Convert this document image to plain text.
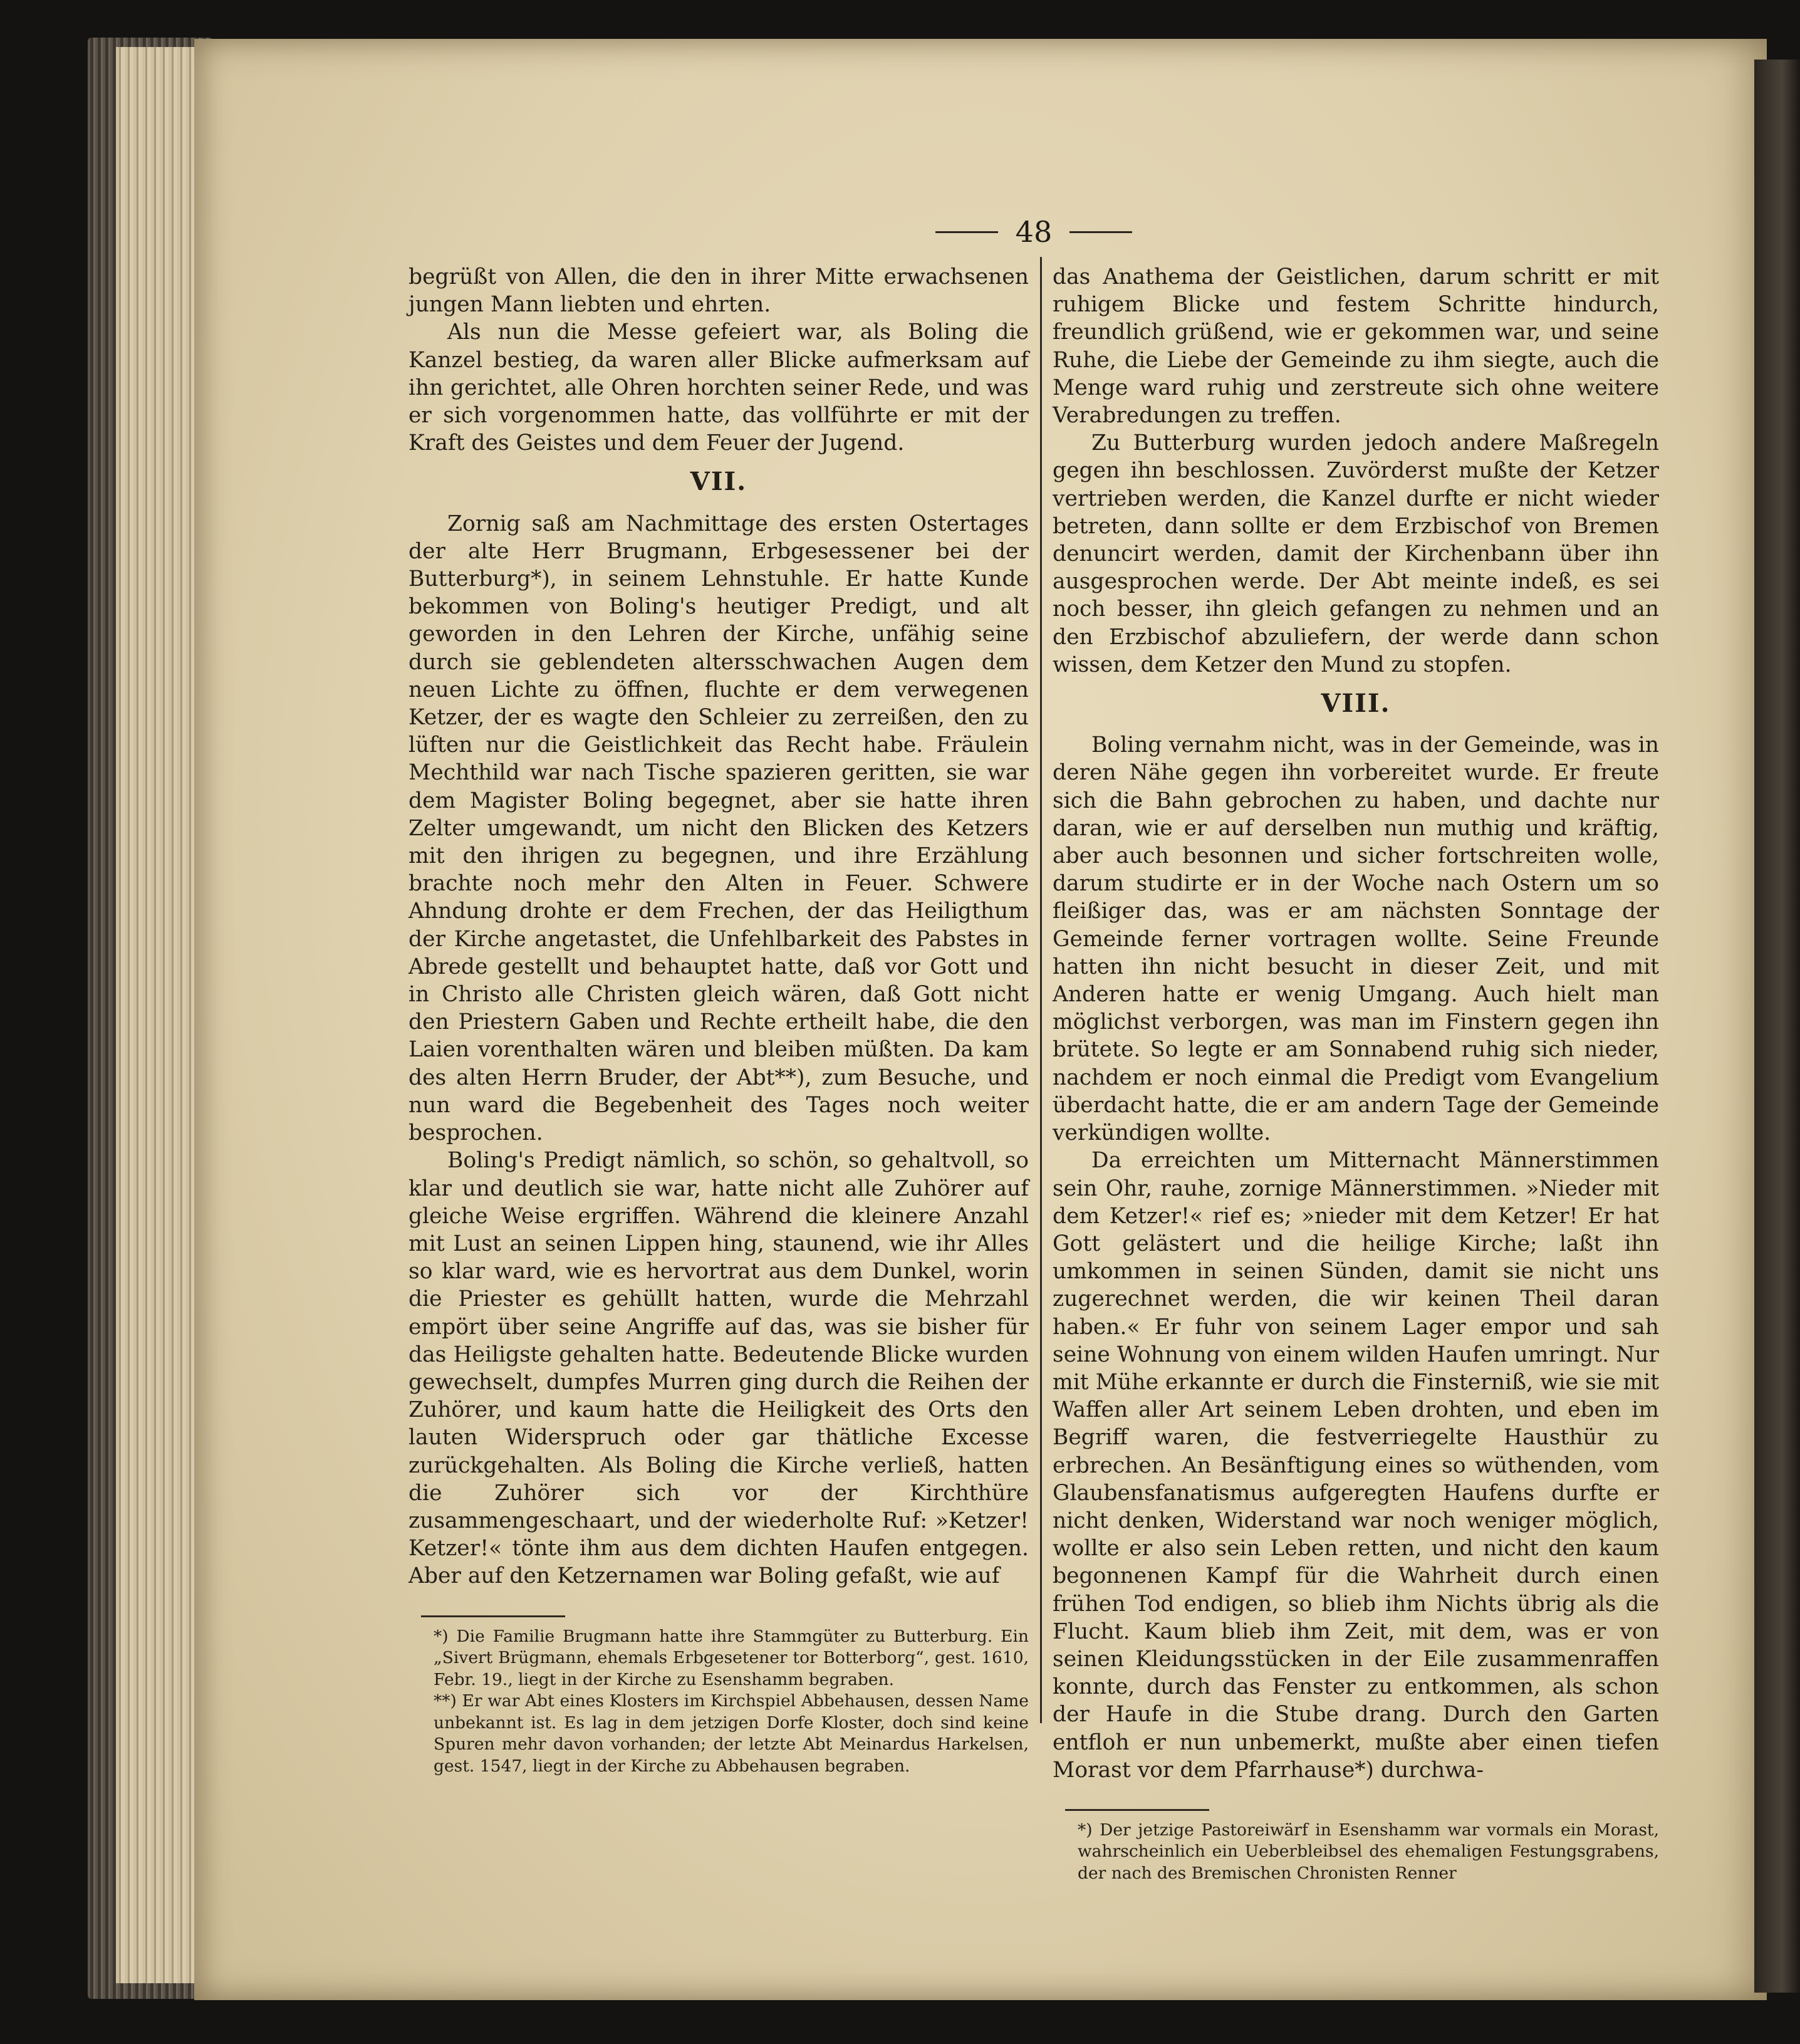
48

begrüßt von Allen, die den in ihrer Mitte erwachsenen jungen Mann liebten und ehrten.

Als nun die Messe gefeiert war, als Boling die Kanzel bestieg, da waren aller Blicke aufmerksam auf ihn gerichtet, alle Ohren horchten seiner Rede, und was er sich vorgenommen hatte, das vollführte er mit der Kraft des Geistes und dem Feuer der Jugend.

VII.

Zornig saß am Nachmittage des ersten Ostertages der alte Herr Brugmann, Erbgesessener bei der Butterburg*), in seinem Lehnstuhle. Er hatte Kunde bekommen von Boling's heutiger Predigt, und alt geworden in den Lehren der Kirche, unfähig seine durch sie geblendeten altersschwachen Augen dem neuen Lichte zu öffnen, fluchte er dem verwegenen Ketzer, der es wagte den Schleier zu zerreißen, den zu lüften nur die Geistlichkeit das Recht habe. Fräulein Mechthild war nach Tische spazieren geritten, sie war dem Magister Boling begegnet, aber sie hatte ihren Zelter umgewandt, um nicht den Blicken des Ketzers mit den ihrigen zu begegnen, und ihre Erzählung brachte noch mehr den Alten in Feuer. Schwere Ahndung drohte er dem Frechen, der das Heiligthum der Kirche angetastet, die Unfehlbarkeit des Pabstes in Abrede gestellt und behauptet hatte, daß vor Gott und in Christo alle Christen gleich wären, daß Gott nicht den Priestern Gaben und Rechte ertheilt habe, die den Laien vorenthalten wären und bleiben müßten. Da kam des alten Herrn Bruder, der Abt**), zum Besuche, und nun ward die Begebenheit des Tages noch weiter besprochen.

Boling's Predigt nämlich, so schön, so gehaltvoll, so klar und deutlich sie war, hatte nicht alle Zuhörer auf gleiche Weise ergriffen. Während die kleinere Anzahl mit Lust an seinen Lippen hing, staunend, wie ihr Alles so klar ward, wie es hervortrat aus dem Dunkel, worin die Priester es gehüllt hatten, wurde die Mehrzahl empört über seine Angriffe auf das, was sie bisher für das Heiligste gehalten hatte. Bedeutende Blicke wurden gewechselt, dumpfes Murren ging durch die Reihen der Zuhörer, und kaum hatte die Heiligkeit des Orts den lauten Widerspruch oder gar thätliche Excesse zurückgehalten. Als Boling die Kirche verließ, hatten die Zuhörer sich vor der Kirchthüre zusammengeschaart, und der wiederholte Ruf: »Ketzer! Ketzer!« tönte ihm aus dem dichten Haufen entgegen. Aber auf den Ketzernamen war Boling gefaßt, wie auf

*) Die Familie Brugmann hatte ihre Stammgüter zu Butterburg. Ein „Sivert Brügmann, ehemals Erbgesetener tor Botterborg“, gest. 1610, Febr. 19., liegt in der Kirche zu Esenshamm begraben.

**) Er war Abt eines Klosters im Kirchspiel Abbehausen, dessen Name unbekannt ist. Es lag in dem jetzigen Dorfe Kloster, doch sind keine Spuren mehr davon vorhanden; der letzte Abt Meinardus Harkelsen, gest. 1547, liegt in der Kirche zu Abbehausen begraben.

das Anathema der Geistlichen, darum schritt er mit ruhigem Blicke und festem Schritte hindurch, freundlich grüßend, wie er gekommen war, und seine Ruhe, die Liebe der Gemeinde zu ihm siegte, auch die Menge ward ruhig und zerstreute sich ohne weitere Verabredungen zu treffen.

Zu Butterburg wurden jedoch andere Maßregeln gegen ihn beschlossen. Zuvörderst mußte der Ketzer vertrieben werden, die Kanzel durfte er nicht wieder betreten, dann sollte er dem Erzbischof von Bremen denuncirt werden, damit der Kirchenbann über ihn ausgesprochen werde. Der Abt meinte indeß, es sei noch besser, ihn gleich gefangen zu nehmen und an den Erzbischof abzuliefern, der werde dann schon wissen, dem Ketzer den Mund zu stopfen.

VIII.

Boling vernahm nicht, was in der Gemeinde, was in deren Nähe gegen ihn vorbereitet wurde. Er freute sich die Bahn gebrochen zu haben, und dachte nur daran, wie er auf derselben nun muthig und kräftig, aber auch besonnen und sicher fortschreiten wolle, darum studirte er in der Woche nach Ostern um so fleißiger das, was er am nächsten Sonntage der Gemeinde ferner vortragen wollte. Seine Freunde hatten ihn nicht besucht in dieser Zeit, und mit Anderen hatte er wenig Umgang. Auch hielt man möglichst verborgen, was man im Finstern gegen ihn brütete. So legte er am Sonnabend ruhig sich nieder, nachdem er noch einmal die Predigt vom Evangelium überdacht hatte, die er am andern Tage der Gemeinde verkündigen wollte.

Da erreichten um Mitternacht Männerstimmen sein Ohr, rauhe, zornige Männerstimmen. »Nieder mit dem Ketzer!« rief es; »nieder mit dem Ketzer! Er hat Gott gelästert und die heilige Kirche; laßt ihn umkommen in seinen Sünden, damit sie nicht uns zugerechnet werden, die wir keinen Theil daran haben.« Er fuhr von seinem Lager empor und sah seine Wohnung von einem wilden Haufen umringt. Nur mit Mühe erkannte er durch die Finsterniß, wie sie mit Waffen aller Art seinem Leben drohten, und eben im Begriff waren, die festverriegelte Hausthür zu erbrechen. An Besänftigung eines so wüthenden, vom Glaubensfanatismus aufgeregten Haufens durfte er nicht denken, Widerstand war noch weniger möglich, wollte er also sein Leben retten, und nicht den kaum begonnenen Kampf für die Wahrheit durch einen frühen Tod endigen, so blieb ihm Nichts übrig als die Flucht. Kaum blieb ihm Zeit, mit dem, was er von seinen Kleidungsstücken in der Eile zusammenraffen konnte, durch das Fenster zu entkommen, als schon der Haufe in die Stube drang. Durch den Garten entfloh er nun unbemerkt, mußte aber einen tiefen Morast vor dem Pfarrhause*) durchwa-

*) Der jetzige Pastoreiwärf in Esenshamm war vormals ein Morast, wahrscheinlich ein Ueberbleibsel des ehemaligen Festungsgrabens, der nach des Bremischen Chronisten Renner
